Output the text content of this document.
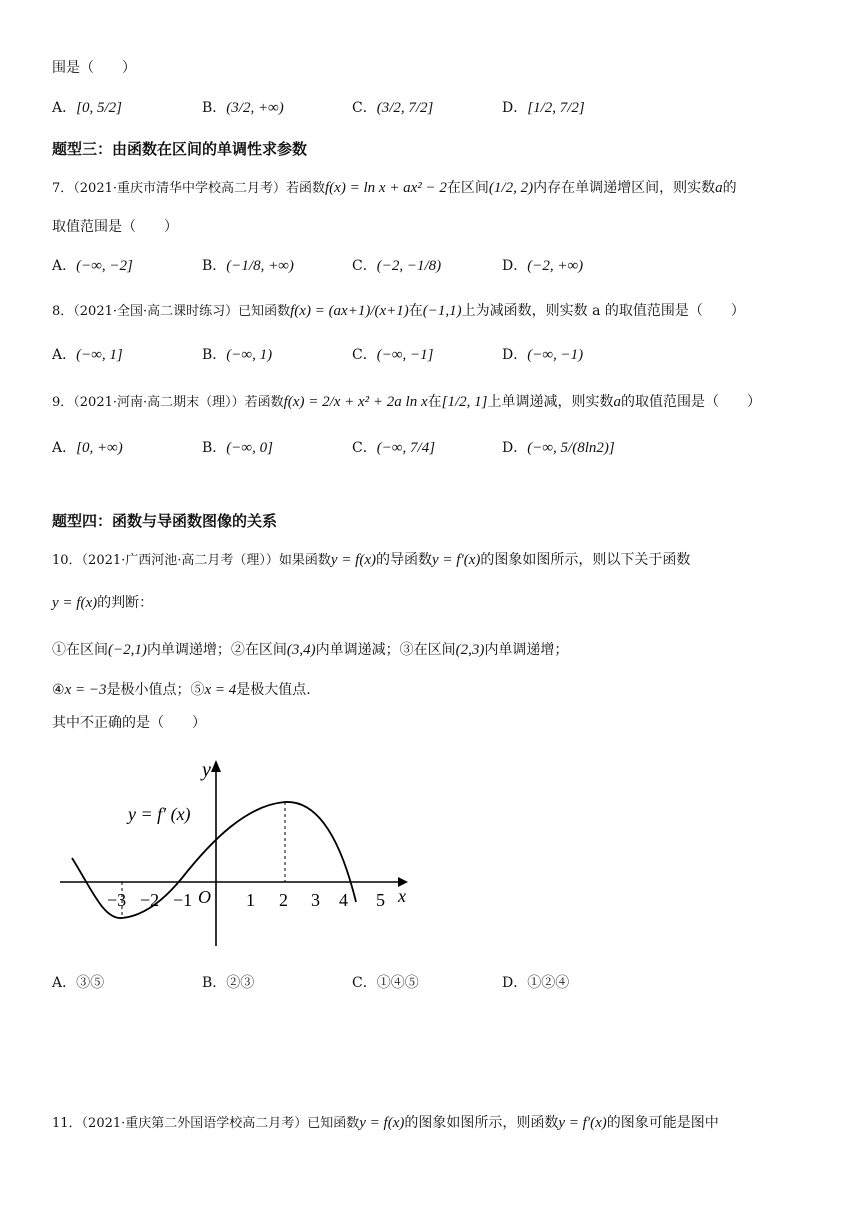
围是（　　）
A．[0, 5/2]	B．(3/2, +∞)	C．(3/2, 7/2]	D．[1/2, 7/2]
题型三：由函数在区间的单调性求参数
7．（2021·重庆市清华中学校高二月考）若函数f(x) = ln x + ax² − 2在区间(1/2, 2)内存在单调递增区间，则实数a的
取值范围是（　　）
A．(−∞, −2]	B．(−1/8, +∞)	C．(−2, −1/8)	D．(−2, +∞)
8．（2021·全国·高二课时练习）已知函数f(x) = (ax+1)/(x+1)在(−1,1)上为减函数，则实数 a 的取值范围是（　　）
A．(−∞, 1]	B．(−∞, 1)	C．(−∞, −1]	D．(−∞, −1)
9．（2021·河南·高二期末（理））若函数f(x) = 2/x + x² + 2a ln x在[1/2, 1]上单调递减，则实数a的取值范围是（　　）
A．[0, +∞)	B．(−∞, 0]	C．(−∞, 7/4]	D．(−∞, 5/(8ln2)]
题型四：函数与导函数图像的关系
10．（2021·广西河池·高二月考（理））如果函数y = f(x)的导函数y = f′(x)的图象如图所示，则以下关于函数
y = f(x)的判断：
①在区间(−2,1)内单调递增；②在区间(3,4)内单调递减；③在区间(2,3)内单调递增；
④x = −3是极小值点；⑤x = 4是极大值点.
其中不正确的是（　　）
y
x
O
−3 −2 −1	1 2 3 4 5
y = f′ (x)
A．③⑤	B．②③	C．①④⑤	D．①②④
11．（2021·重庆第二外国语学校高二月考）已知函数y = f(x)的图象如图所示，则函数y = f′(x)的图象可能是图中
